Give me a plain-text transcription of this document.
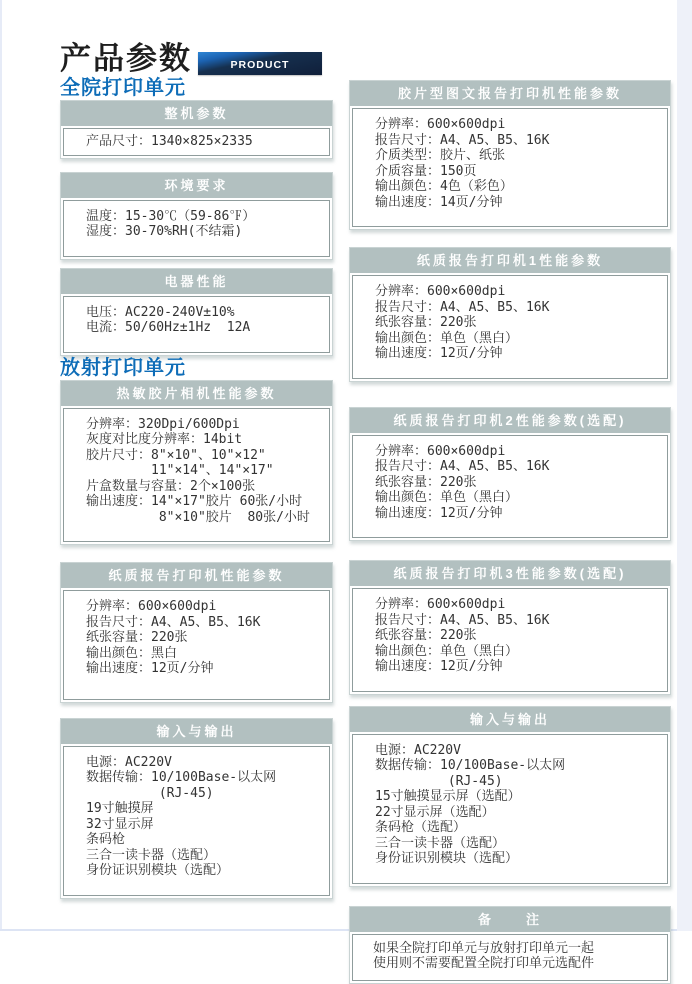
产品参数	PRODUCT PARAMETERS
全院打印单元
整机参数
产品尺寸：1340×825×2335
环境要求
温度：15-30℃（59-86℉）
湿度：30-70%RH(不结霜)
电器性能
电压：AC220-240V±10%
电流：50/60Hz±1Hz  12A
放射打印单元
热敏胶片相机性能参数
分辨率：320Dpi/600Dpi
灰度对比度分辨率：14bit
胶片尺寸：8"×10"、10"×12"
　　　　　11"×14"、14"×17"
片盒数量与容量：2个×100张
输出速度：14"×17"胶片 60张/小时
　　　　　 8"×10"胶片  80张/小时
纸质报告打印机性能参数
分辨率：600×600dpi
报告尺寸：A4、A5、B5、16K
纸张容量：220张
输出颜色：黑白
输出速度：12页/分钟
输入与输出
电源：AC220V
数据传输：10/100Base-以太网
　　　　　 (RJ-45)
19寸触摸屏
32寸显示屏
条码枪
三合一读卡器（选配）
身份证识别模块（选配）
胶片型图文报告打印机性能参数
分辨率：600×600dpi
报告尺寸：A4、A5、B5、16K
介质类型：胶片、纸张
介质容量：150页
输出颜色：4色（彩色）
输出速度：14页/分钟
纸质报告打印机1性能参数
分辨率：600×600dpi
报告尺寸：A4、A5、B5、16K
纸张容量：220张
输出颜色：单色（黑白）
输出速度：12页/分钟
纸质报告打印机2性能参数(选配)
分辨率：600×600dpi
报告尺寸：A4、A5、B5、16K
纸张容量：220张
输出颜色：单色（黑白）
输出速度：12页/分钟
纸质报告打印机3性能参数(选配)
分辨率：600×600dpi
报告尺寸：A4、A5、B5、16K
纸张容量：220张
输出颜色：单色（黑白）
输出速度：12页/分钟
输入与输出
电源：AC220V
数据传输：10/100Base-以太网
　　　　　 (RJ-45)
15寸触摸显示屏（选配）
22寸显示屏（选配）
条码枪（选配）
三合一读卡器（选配）
身份证识别模块（选配）
备　　注
如果全院打印单元与放射打印单元一起
使用则不需要配置全院打印单元选配件
